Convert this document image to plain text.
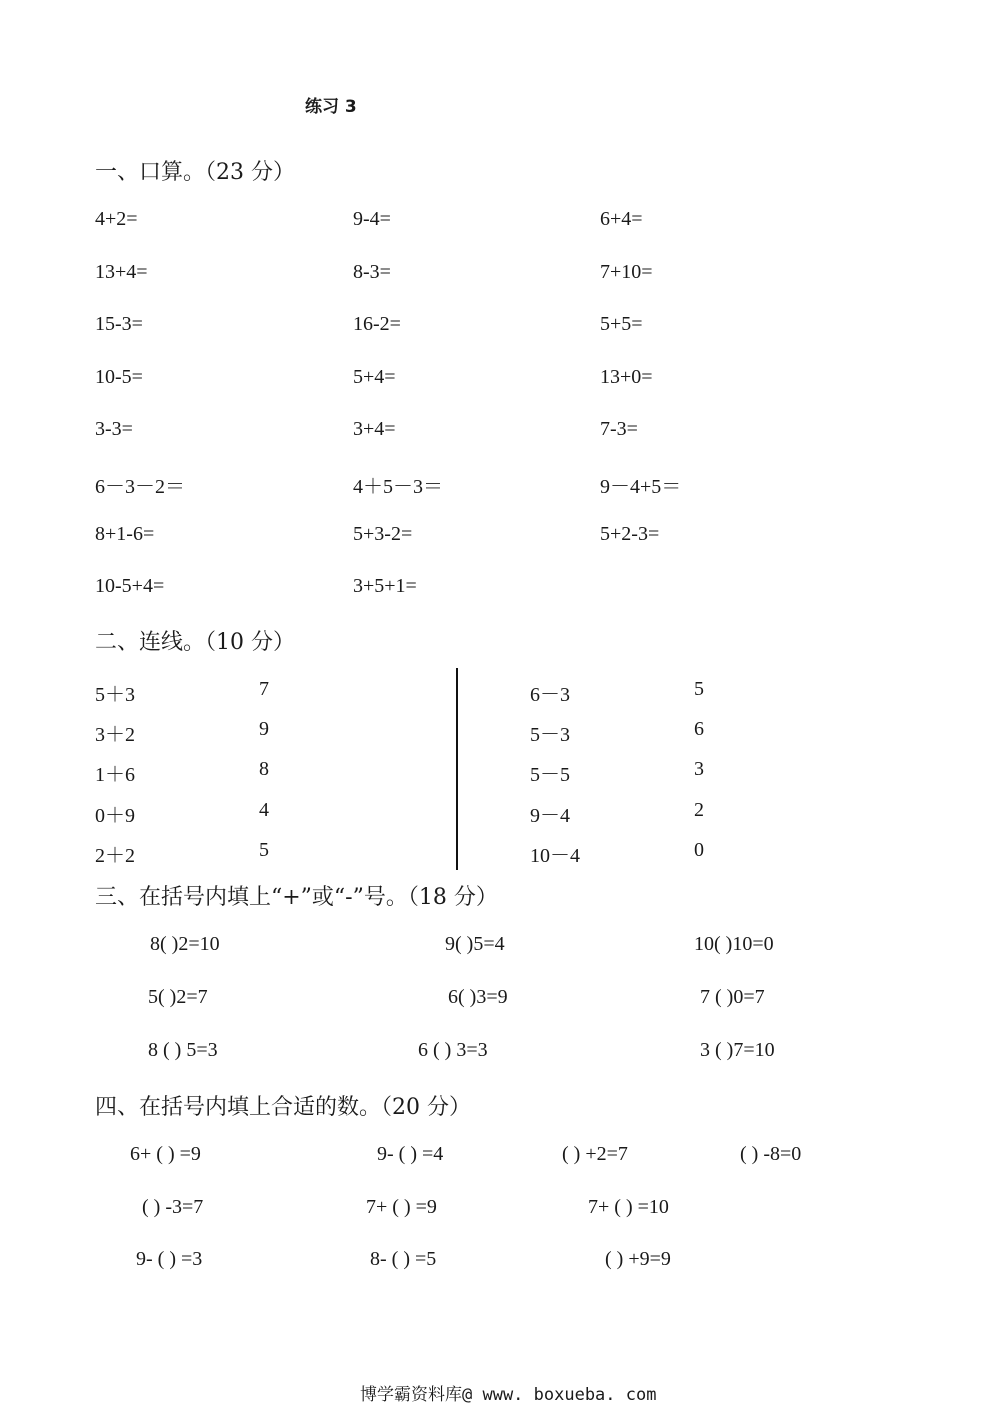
练习 3
一、口算。（23 分）
4+2=	9-4=	6+4=
13+4=	8-3=	7+10=
15-3=	16-2=	5+5=
10-5=	5+4=	13+0=
3-3=	3+4=	7-3=
6－3－2＝	4＋5－3＝	9－4+5＝
8+1-6=	5+3-2=	5+2-3=
10-5+4=	3+5+1=
二、连线。（10 分）
5＋3
3＋2
1＋6
0＋9
2＋2
7
9
8
4
5
6－3
5－3
5－5
9－4
10－4
5
6
3
2
0
三、在括号内填上“+”或“-”号。（18 分）
8( )2=10	9( )5=4	10( )10=0
5( )2=7	6( )3=9	7 ( )0=7
8 ( ) 5=3	6 ( ) 3=3	3 ( )7=10
四、在括号内填上合适的数。（20 分）
6+ ( ) =9	9- ( ) =4	( ) +2=7	( ) -8=0
( ) -3=7	7+ ( ) =9	7+ ( ) =10
9- ( ) =3	8- ( ) =5	( ) +9=9
博学霸资料库@ www. boxueba. com
